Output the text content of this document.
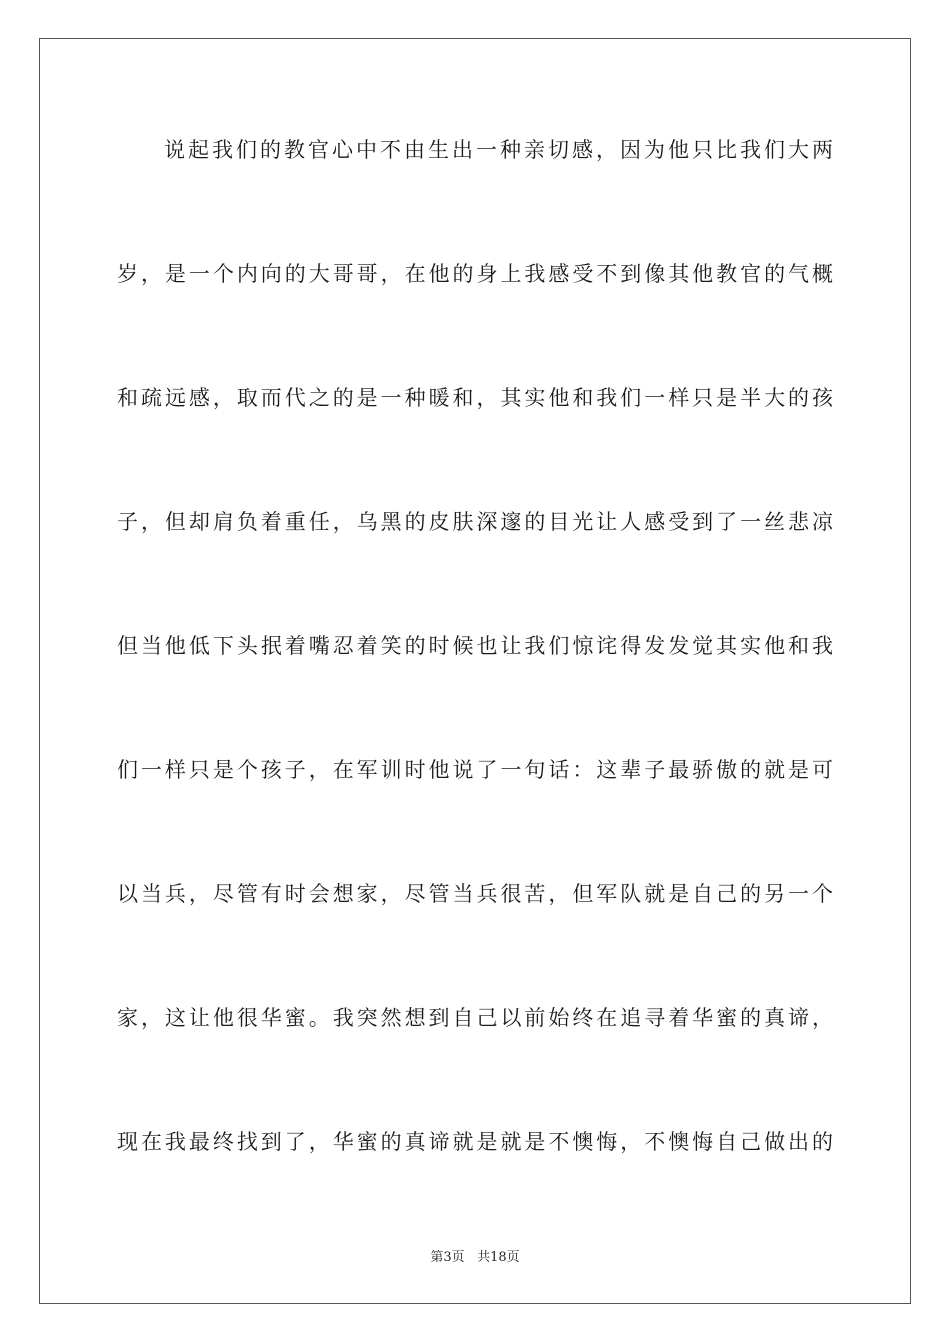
说起我们的教官心中不由生出一种亲切感，因为他只比我们大两
岁，是一个内向的大哥哥，在他的身上我感受不到像其他教官的气概
和疏远感，取而代之的是一种暖和，其实他和我们一样只是半大的孩
子，但却肩负着重任，乌黑的皮肤深邃的目光让人感受到了一丝悲凉
但当他低下头抿着嘴忍着笑的时候也让我们惊诧得发发觉其实他和我
们一样只是个孩子，在军训时他说了一句话：这辈子最骄傲的就是可
以当兵，尽管有时会想家，尽管当兵很苦，但军队就是自己的另一个
家，这让他很华蜜。我突然想到自己以前始终在追寻着华蜜的真谛，
现在我最终找到了，华蜜的真谛就是就是不懊悔，不懊悔自己做出的
第3页 共18页
